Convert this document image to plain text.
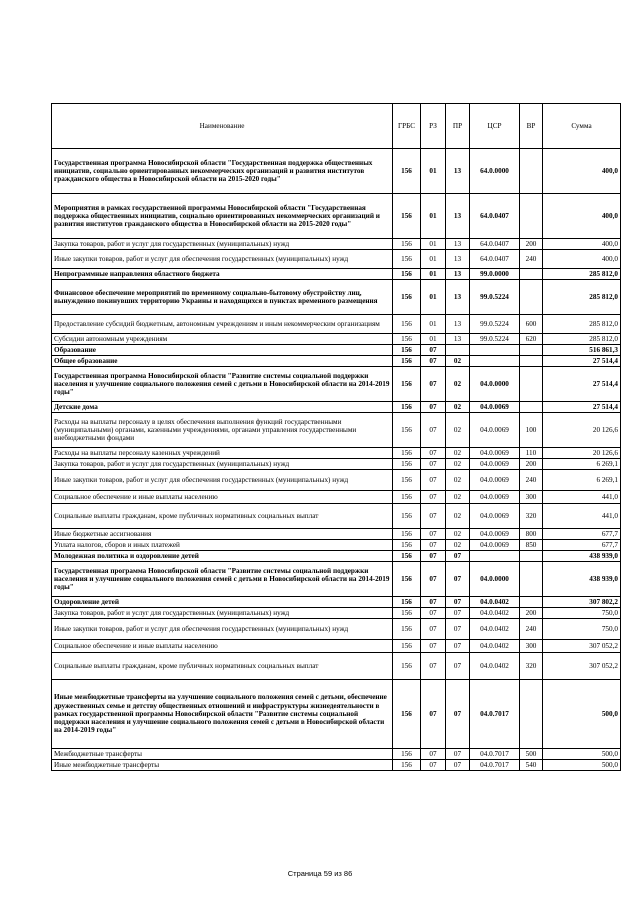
Наименование	ГРБС	РЗ	ПР	ЦСР	ВР	Сумма
Государственная программа Новосибирской области "Государственная поддержка общественных инициатив, социально ориентированных некоммерческих организаций и развития институтов гражданского общества в Новосибирской области на 2015-2020 годы"	156	01	13	64.0.0000		400,0
Мероприятия в рамках государственной программы Новосибирской области "Государственная поддержка общественных инициатив, социально ориентированных некоммерческих организаций и развития институтов гражданского общества в Новосибирской области на 2015-2020 годы"	156	01	13	64.0.0407		400,0
Закупка товаров, работ и услуг для государственных (муниципальных) нужд	156	01	13	64.0.0407	200	400,0
Иные закупки товаров, работ и услуг для обеспечения государственных (муниципальных) нужд	156	01	13	64.0.0407	240	400,0
Непрограммные направления областного бюджета	156	01	13	99.0.0000		285 812,0
Финансовое обеспечение мероприятий по временному социально-бытовому обустройству лиц, вынужденно покинувших территорию Украины и находящихся в пунктах временного размещения	156	01	13	99.0.5224		285 812,0
Предоставление субсидий бюджетным, автономным учреждениям и иным некоммерческим организациям	156	01	13	99.0.5224	600	285 812,0
Субсидии автономным учреждениям	156	01	13	99.0.5224	620	285 812,0
Образование	156	07				516 861,3
Общее образование	156	07	02			27 514,4
Государственная программа Новосибирской области "Развитие системы социальной поддержки населения и улучшение социального положения семей с детьми в Новосибирской области на 2014-2019 годы"	156	07	02	04.0.0000		27 514,4
Детские дома	156	07	02	04.0.0069		27 514,4
Расходы на выплаты персоналу в целях обеспечения выполнения функций государственными (муниципальными) органами, казенными учреждениями, органами управления государственными внебюджетными фондами	156	07	02	04.0.0069	100	20 126,6
Расходы на выплаты персоналу казенных учреждений	156	07	02	04.0.0069	110	20 126,6
Закупка товаров, работ и услуг для государственных (муниципальных) нужд	156	07	02	04.0.0069	200	6 269,1
Иные закупки товаров, работ и услуг для обеспечения государственных (муниципальных) нужд	156	07	02	04.0.0069	240	6 269,1
Социальное обеспечение и иные выплаты населению	156	07	02	04.0.0069	300	441,0
Социальные выплаты гражданам, кроме публичных нормативных социальных выплат	156	07	02	04.0.0069	320	441,0
Иные бюджетные ассигнования	156	07	02	04.0.0069	800	677,7
Уплата налогов, сборов и иных платежей	156	07	02	04.0.0069	850	677,7
Молодежная политика и оздоровление детей	156	07	07			438 939,0
Государственная программа Новосибирской области "Развитие системы социальной поддержки населения и улучшение социального положения семей с детьми в Новосибирской области на 2014-2019 годы"	156	07	07	04.0.0000		438 939,0
Оздоровление детей	156	07	07	04.0.0402		307 802,2
Закупка товаров, работ и услуг для государственных (муниципальных) нужд	156	07	07	04.0.0402	200	750,0
Иные закупки товаров, работ и услуг для обеспечения государственных (муниципальных) нужд	156	07	07	04.0.0402	240	750,0
Социальное обеспечение и иные выплаты населению	156	07	07	04.0.0402	300	307 052,2
Социальные выплаты гражданам, кроме публичных нормативных социальных выплат	156	07	07	04.0.0402	320	307 052,2
Иные межбюджетные трансферты на улучшение социального положения семей с детьми, обеспечение дружественных семье и детству общественных отношений и инфраструктуры жизнедеятельности в рамках государственной программы Новосибирской области "Развитие системы социальной поддержки населения и улучшение социального положения семей с детьми в Новосибирской области на 2014-2019 годы"	156	07	07	04.0.7017		500,0
Межбюджетные трансферты	156	07	07	04.0.7017	500	500,0
Иные межбюджетные трансферты	156	07	07	04.0.7017	540	500,0
Страница 59 из 86
